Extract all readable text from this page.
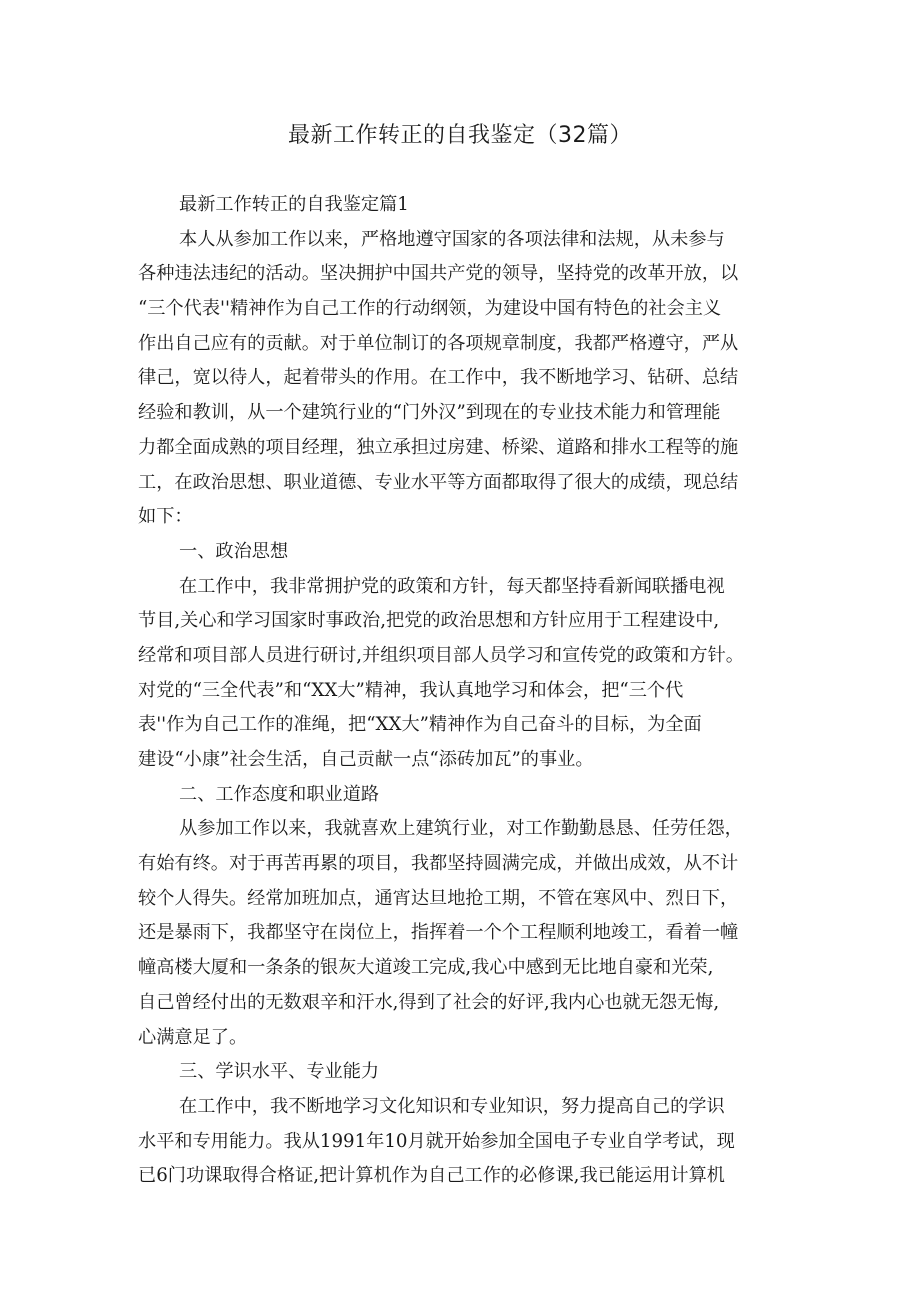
最新工作转正的自我鉴定（32篇）
最新工作转正的自我鉴定篇1
本人从参加工作以来，严格地遵守国家的各项法律和法规，从未参与
各种违法违纪的活动。坚决拥护中国共产党的领导，坚持党的改革开放，以
“三个代表''精神作为自己工作的行动纲领，为建设中国有特色的社会主义
作出自己应有的贡献。对于单位制订的各项规章制度，我都严格遵守，严从
律己，宽以待人，起着带头的作用。在工作中，我不断地学习、钻研、总结
经验和教训，从一个建筑行业的“门外汉”到现在的专业技术能力和管理能
力都全面成熟的项目经理，独立承担过房建、桥梁、道路和排水工程等的施
工，在政治思想、职业道德、专业水平等方面都取得了很大的成绩，现总结
如下：
一、政治思想
在工作中，我非常拥护党的政策和方针，每天都坚持看新闻联播电视
节目,关心和学习国家时事政治,把党的政治思想和方针应用于工程建设中,
经常和项目部人员进行研讨,并组织项目部人员学习和宣传党的政策和方针。
对党的“三全代表”和“XX大”精神，我认真地学习和体会，把“三个代
表''作为自己工作的准绳，把“XX大”精神作为自己奋斗的目标，为全面
建设“小康”社会生活，自己贡献一点“添砖加瓦”的事业。
二、工作态度和职业道路
从参加工作以来，我就喜欢上建筑行业，对工作勤勤恳恳、任劳任怨，
有始有终。对于再苦再累的项目，我都坚持圆满完成，并做出成效，从不计
较个人得失。经常加班加点，通宵达旦地抢工期，不管在寒风中、烈日下，
还是暴雨下，我都坚守在岗位上，指挥着一个个工程顺利地竣工，看着一幢
幢高楼大厦和一条条的银灰大道竣工完成,我心中感到无比地自豪和光荣,
自己曾经付出的无数艰辛和汗水,得到了社会的好评,我内心也就无怨无悔,
心满意足了。
三、学识水平、专业能力
在工作中，我不断地学习文化知识和专业知识，努力提高自己的学识
水平和专用能力。我从1991年10月就开始参加全国电子专业自学考试，现
已6门功课取得合格证,把计算机作为自己工作的必修课,我已能运用计算机
